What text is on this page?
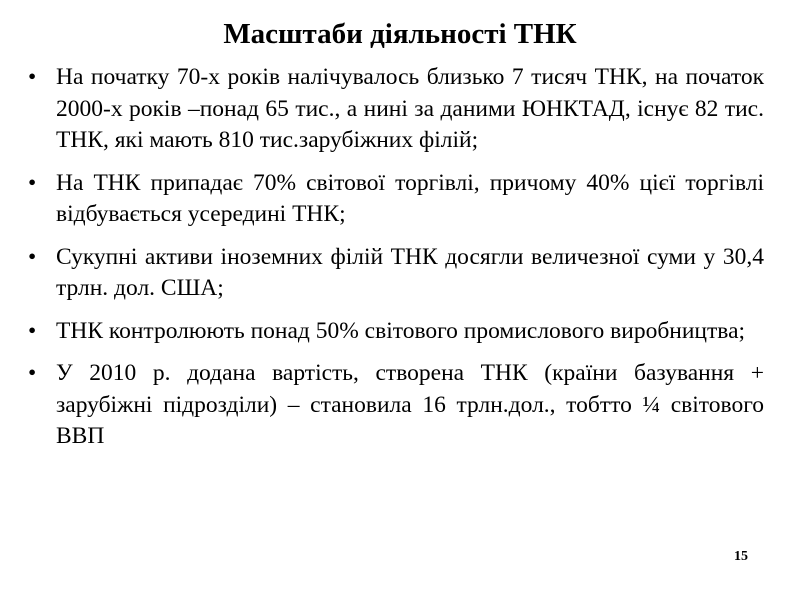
Масштаби діяльності ТНК
• На початку 70-х років налічувалось близько 7 тисяч ТНК, на початок 2000-х років –понад 65 тис., а нині за даними ЮНКТАД, існує 82 тис. ТНК, які мають 810 тис.зарубіжних філій;
• На ТНК припадає 70% світової торгівлі, причому 40% цієї торгівлі відбувається усередині ТНК;
• Сукупні активи іноземних філій ТНК досягли величезної суми у 30,4 трлн. дол. США;
• ТНК контролюють понад 50% світового промислового виробництва;
• У 2010 р. додана вартість, створена ТНК (країни базування + зарубіжні підрозділи) – становила 16 трлн.дол., тобтто ¼ світового ВВП
15
